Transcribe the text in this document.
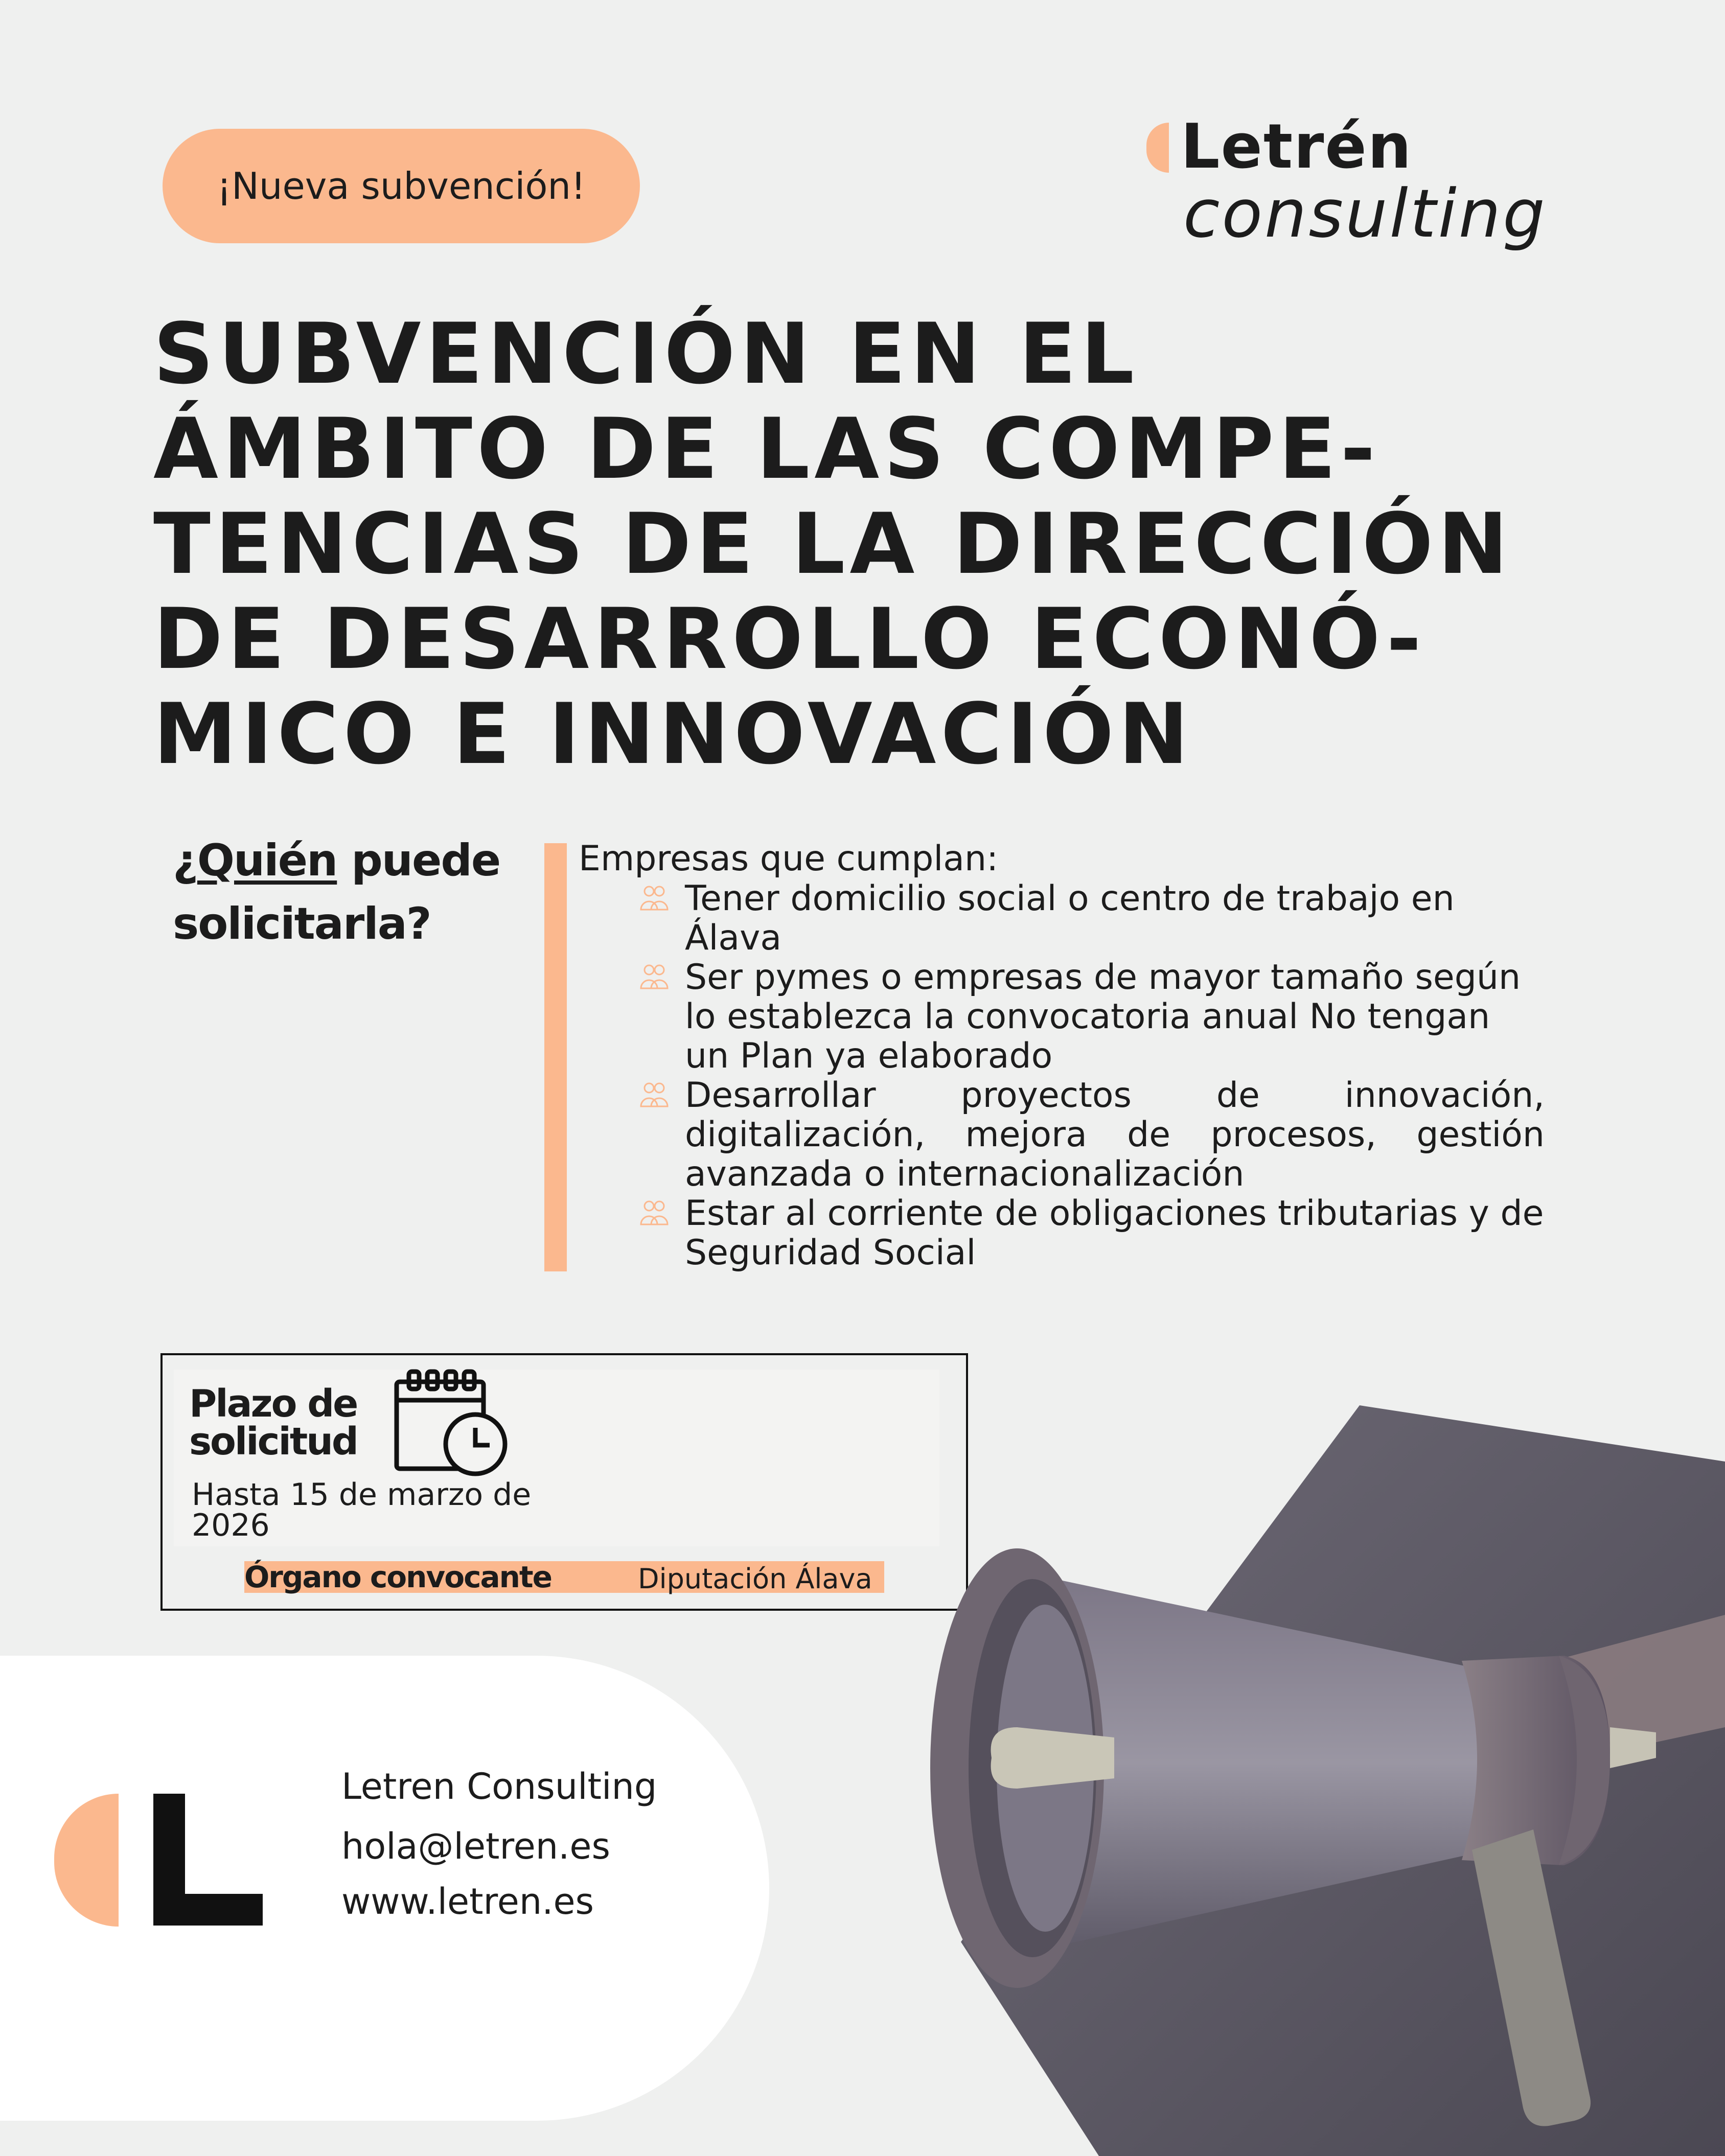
¡Nueva subvención!
Letrén
consulting
SUBVENCIÓN EN EL
ÁMBITO DE LAS COMPE-
TENCIAS DE LA DIRECCIÓN
DE DESARROLLO ECONÓ-
MICO E INNOVACIÓN
¿Quién puede solicitarla?
Empresas que cumplan:
Tener domicilio social o centro de trabajo en Álava
Ser pymes o empresas de mayor tamaño según lo establezca la convocatoria anual No tengan un Plan ya elaborado
Desarrollar proyectos de innovación, digitalización, mejora de procesos, gestión avanzada o internacionalización
Estar al corriente de obligaciones tributarias y de Seguridad Social
Plazo de solicitud
Hasta 15 de marzo de 2026
Órgano convocante	Diputación Álava
Letren Consulting
hola@letren.es
www.letren.es
